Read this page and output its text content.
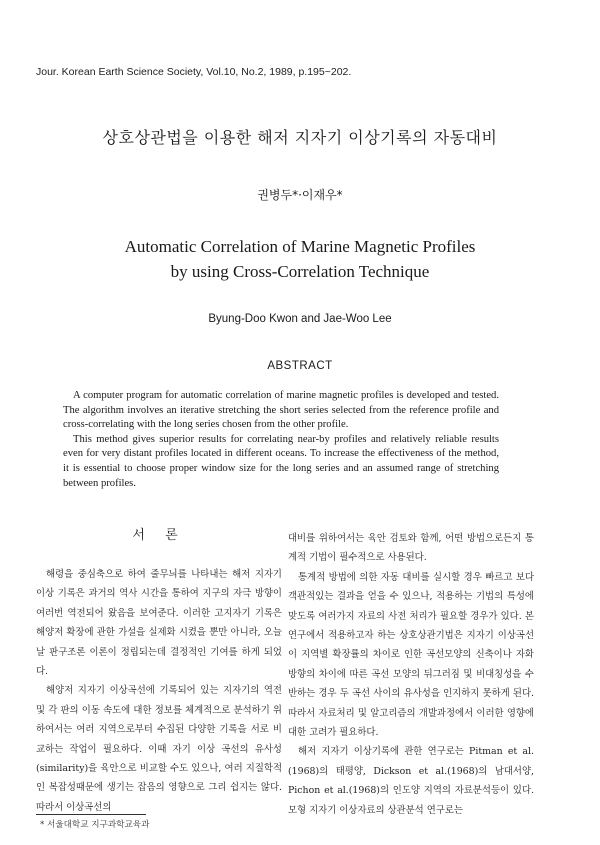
Jour. Korean Earth Science Society, Vol.10, No.2, 1989, p.195~202.
상호상관법을 이용한 해저 지자기 이상기록의 자동대비
권병두*·이재우*
Automatic Correlation of Marine Magnetic Profiles
by using Cross-Correlation Technique
Byung-Doo Kwon and Jae-Woo Lee
ABSTRACT

A computer program for automatic correlation of marine magnetic profiles is developed and tested. The algorithm involves an iterative stretching the short series selected from the reference profile and cross-correlating with the long series chosen from the other profile.

This method gives superior results for correlating near-by profiles and relatively reliable results even for very distant profiles located in different oceans. To increase the effectiveness of the method, it is essential to choose proper window size for the long series and an assumed range of stretching between profiles.

서 론

해령을 중심축으로 하여 줄무늬를 나타내는 해저 지자기 이상 기록은 과거의 역사 시간을 통하여 지구의 자극 방향이 여러번 역전되어 왔음을 보여준다. 이러한 고지자기 기록은 해양저 확장에 관한 가설을 실제화 시켰을 뿐만 아니라, 오늘날 판구조론 이론이 정립되는데 결정적인 기여를 하게 되었다.

해양저 지자기 이상곡선에 기록되어 있는 지자기의 역전 및 각 판의 이동 속도에 대한 정보를 체계적으로 분석하기 위하여서는 여러 지역으로부터 수집된 다양한 기록을 서로 비교하는 작업이 필요하다. 이때 자기 이상 곡선의 유사성(similarity)을 육안으로 비교할 수도 있으나, 여러 지질학적인 복잡성때문에 생기는 잡음의 영향으로 그리 쉽지는 않다. 따라서 이상곡선의

대비를 위하여서는 육안 검토와 함께, 어떤 방법으로든지 통계적 기법이 필수적으로 사용된다.

통계적 방법에 의한 자동 대비를 실시할 경우 빠르고 보다 객관적있는 결과을 얻을 수 있으나, 적용하는 기법의 특성에 맞도록 여러가지 자료의 사전 처리가 필요할 경우가 있다. 본 연구에서 적용하고자 하는 상호상관기법은 지자기 이상곡선이 지역별 확장률의 차이로 인한 곡선모양의 신축이나 자화방향의 차이에 따른 곡선 모양의 뒤그러짐 및 비대칭성을 수반하는 경우 두 곡선 사이의 유사성을 인지하지 못하게 된다. 따라서 자료처리 및 알고리즘의 개발과정에서 이러한 영향에 대한 고려가 필요하다.

해저 지자기 이상기록에 관한 연구로는 Pitman et al.(1968)의 태평양, Dickson et al.(1968)의 남대서양, Pichon et al.(1968)의 인도양 지역의 자료분석등이 있다. 모형 지자기 이상자료의 상관분석 연구로는

* 서울대학교 지구과학교육과
